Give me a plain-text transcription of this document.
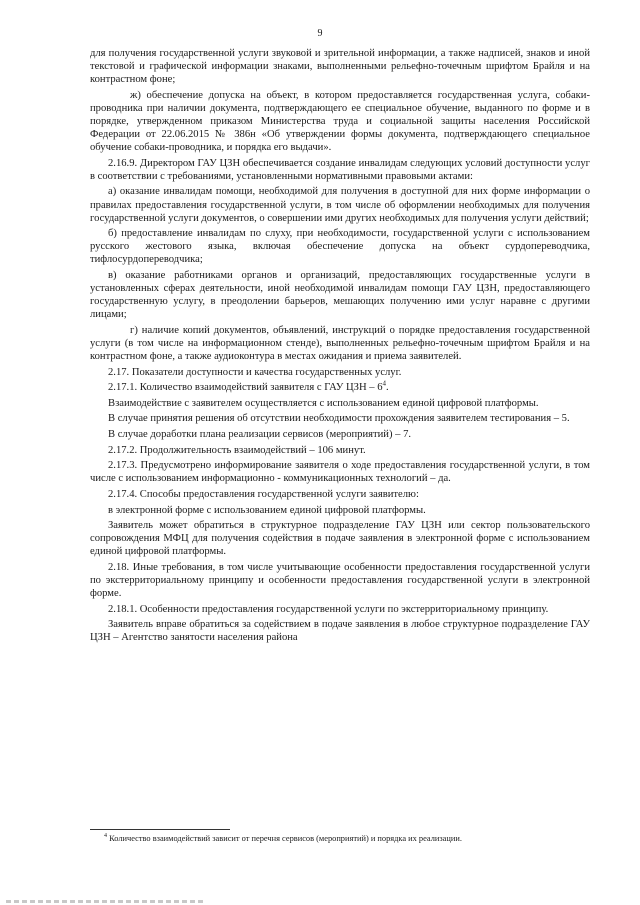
9

для получения государственной услуги звуковой и зрительной информации, а также надписей, знаков и иной текстовой и графической информации знаками, выполненными рельефно-точечным шрифтом Брайля и на контрастном фоне;

ж) обеспечение допуска на объект, в котором предоставляется государственная услуга, собаки-проводника при наличии документа, подтверждающего ее специальное обучение, выданного по форме и в порядке, утвержденном приказом Министерства труда и социальной защиты населения Российской Федерации от 22.06.2015 № 386н «Об утверждении формы документа, подтверждающего специальное обучение собаки-проводника, и порядка его выдачи».

2.16.9. Директором ГАУ ЦЗН обеспечивается создание инвалидам следующих условий доступности услуг в соответствии с требованиями, установленными нормативными правовыми актами:

а) оказание инвалидам помощи, необходимой для получения в доступной для них форме информации о правилах предоставления государственной услуги, в том числе об оформлении необходимых для получения государственной услуги документов, о совершении ими других необходимых для получения услуги действий;

б) предоставление инвалидам по слуху, при необходимости, государственной услуги с использованием русского жестового языка, включая обеспечение допуска на объект сурдопереводчика, тифлосурдопереводчика;

в) оказание работниками органов и организаций, предоставляющих государственные услуги в установленных сферах деятельности, иной необходимой инвалидам помощи ГАУ ЦЗН, предоставляющего государственную услугу, в преодолении барьеров, мешающих получению ими услуг наравне с другими лицами;

г) наличие копий документов, объявлений, инструкций о порядке предоставления государственной услуги (в том числе на информационном стенде), выполненных рельефно-точечным шрифтом Брайля и на контрастном фоне, а также аудиоконтура в местах ожидания и приема заявителей.

2.17. Показатели доступности и качества государственных услуг.

2.17.1. Количество взаимодействий заявителя с ГАУ ЦЗН – $6^4$.

Взаимодействие с заявителем осуществляется с использованием единой цифровой платформы.

В случае принятия решения об отсутствии необходимости прохождения заявителем тестирования – 5.

В случае доработки плана реализации сервисов (мероприятий) – 7.

2.17.2. Продолжительность взаимодействий – 106 минут.

2.17.3. Предусмотрено информирование заявителя о ходе предоставления государственной услуги, в том числе с использованием информационно - коммуникационных технологий – да.

2.17.4. Способы предоставления государственной услуги заявителю:

в электронной форме с использованием единой цифровой платформы.

Заявитель может обратиться в структурное подразделение ГАУ ЦЗН или сектор пользовательского сопровождения МФЦ для получения содействия в подаче заявления в электронной форме с использованием единой цифровой платформы.

2.18. Иные требования, в том числе учитывающие особенности предоставления государственной услуги по экстерриториальному принципу и особенности предоставления государственной услуги в электронной форме.

2.18.1. Особенности предоставления государственной услуги по экстерриториальному принципу.

Заявитель вправе обратиться за содействием в подаче заявления в любое структурное подразделение ГАУ ЦЗН – Агентство занятости населения района

$^4$ Количество взаимодействий зависит от перечня сервисов (мероприятий) и порядка их реализации.
